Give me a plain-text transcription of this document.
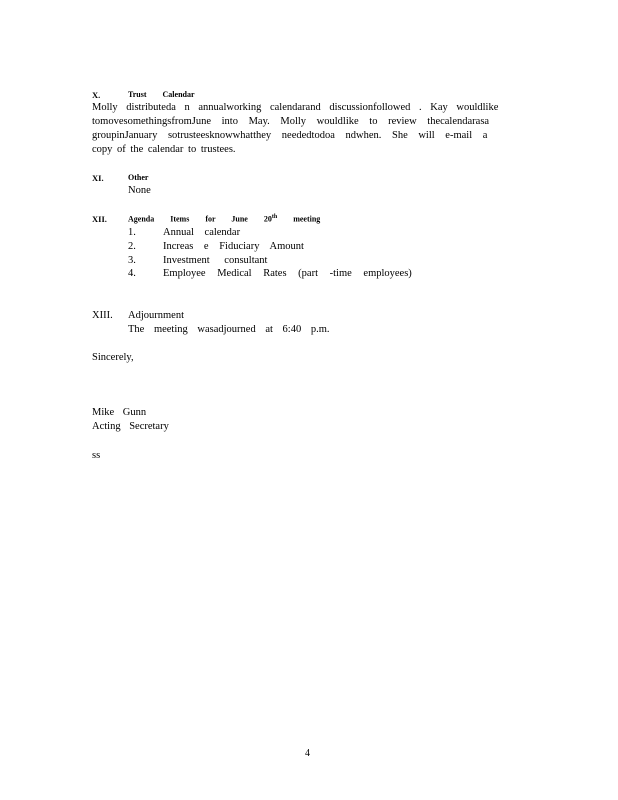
X.	Trust Calendar
Molly distributeda n annualworking calendarand discussionfollowed . Kay wouldlike
tomovesomethingsfromJune into May. Molly wouldlike to review thecalendarasa
groupinJanuary sotrusteesknowwhatthey neededtodoa ndwhen. She will e-mail a
copy of the calendar to trustees.
XI.	Other
None
XII.	Agenda Items for June 20th meeting
1.	Annual calendar
2.	Increas e Fiduciary Amount
3.	Investment consultant
4.	Employee Medical Rates (part -time employees)
XIII. Adjournment
The meeting wasadjourned at 6:40 p.m.
Sincerely,
Mike Gunn
Acting Secretary
ss
4
